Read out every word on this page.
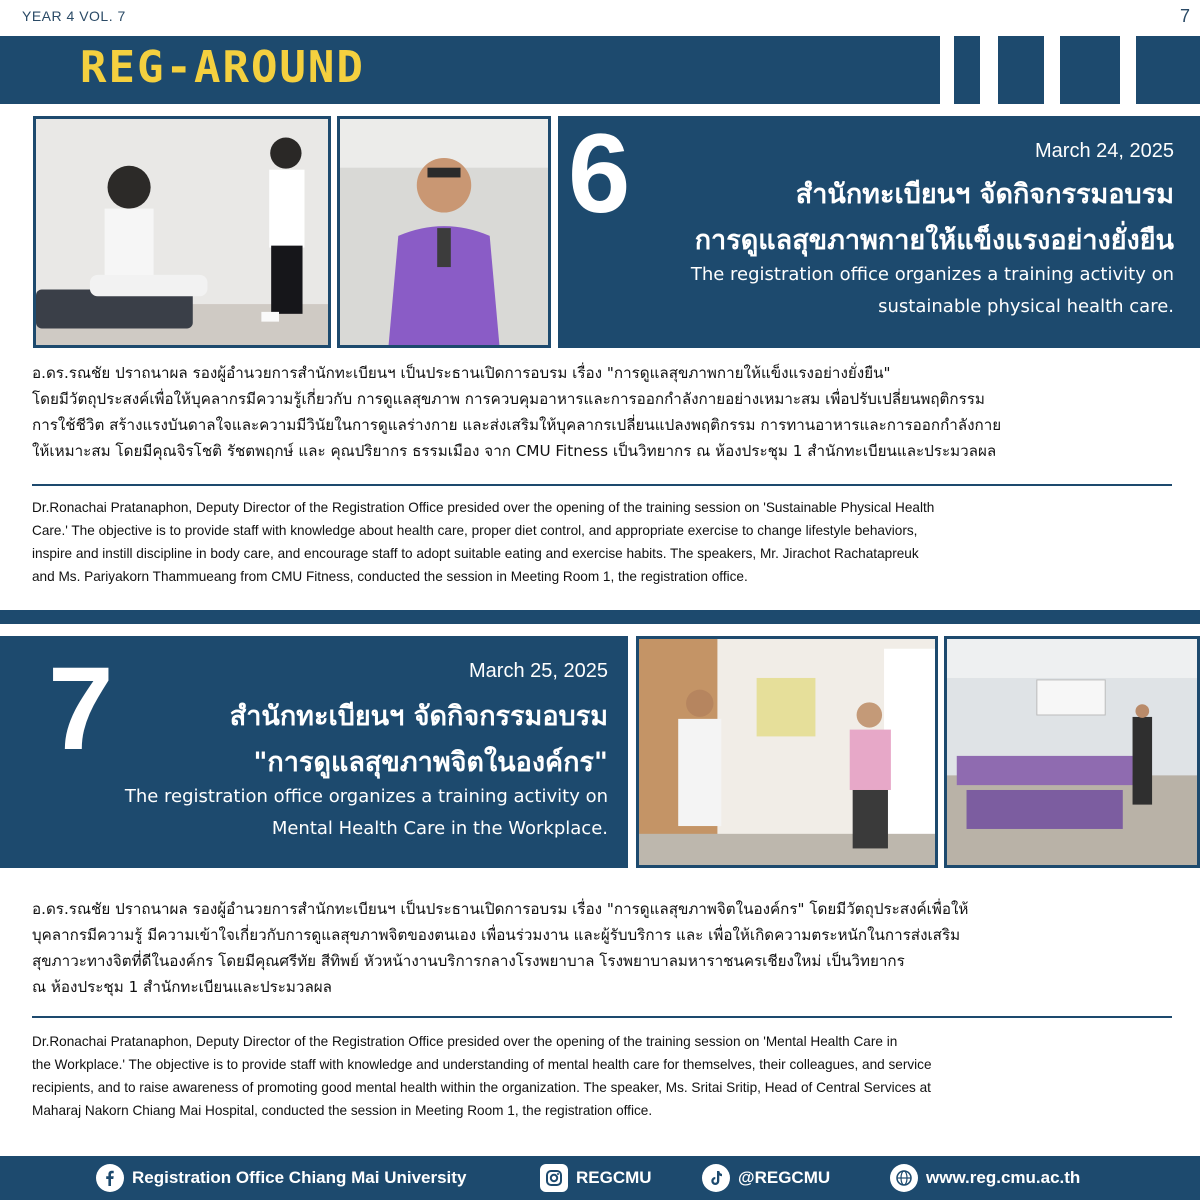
YEAR 4 VOL. 7	7
REG-AROUND
6	March 24, 2025
สำนักทะเบียนฯ จัดกิจกรรมอบรม
การดูแลสุขภาพกายให้แข็งแรงอย่างยั่งยืน
The registration office organizes a training activity on
sustainable physical health care.
อ.ดร.รณชัย ปราถนาผล รองผู้อำนวยการสำนักทะเบียนฯ เป็นประธานเปิดการอบรม เรื่อง "การดูแลสุขภาพกายให้แข็งแรงอย่างยั่งยืน"
โดยมีวัตถุประสงค์เพื่อให้บุคลากรมีความรู้เกี่ยวกับ การดูแลสุขภาพ การควบคุมอาหารและการออกกำลังกายอย่างเหมาะสม เพื่อปรับเปลี่ยนพฤติกรรม
การใช้ชีวิต สร้างแรงบันดาลใจและความมีวินัยในการดูแลร่างกาย และส่งเสริมให้บุคลากรเปลี่ยนแปลงพฤติกรรม การทานอาหารและการออกกำลังกาย
ให้เหมาะสม โดยมีคุณจิรโชติ รัชตพฤกษ์ และ คุณปริยากร ธรรมเมือง จาก CMU Fitness เป็นวิทยากร ณ ห้องประชุม 1 สำนักทะเบียนและประมวลผล
Dr.Ronachai Pratanaphon, Deputy Director of the Registration Office presided over the opening of the training session on 'Sustainable Physical Health
Care.' The objective is to provide staff with knowledge about health care, proper diet control, and appropriate exercise to change lifestyle behaviors,
inspire and instill discipline in body care, and encourage staff to adopt suitable eating and exercise habits. The speakers, Mr. Jirachot Rachatapreuk
and Ms. Pariyakorn Thammueang from CMU Fitness, conducted the session in Meeting Room 1, the registration office.
7	March 25, 2025
สำนักทะเบียนฯ จัดกิจกรรมอบรม
"การดูแลสุขภาพจิตในองค์กร"
The registration office organizes a training activity on
Mental Health Care in the Workplace.
อ.ดร.รณชัย ปราถนาผล รองผู้อำนวยการสำนักทะเบียนฯ เป็นประธานเปิดการอบรม เรื่อง "การดูแลสุขภาพจิตในองค์กร" โดยมีวัตถุประสงค์เพื่อให้
บุคลากรมีความรู้ มีความเข้าใจเกี่ยวกับการดูแลสุขภาพจิตของตนเอง เพื่อนร่วมงาน และผู้รับบริการ และ เพื่อให้เกิดความตระหนักในการส่งเสริม
สุขภาวะทางจิตที่ดีในองค์กร โดยมีคุณศรีทัย สีทิพย์ หัวหน้างานบริการกลางโรงพยาบาล โรงพยาบาลมหาราชนครเชียงใหม่ เป็นวิทยากร
ณ ห้องประชุม 1 สำนักทะเบียนและประมวลผล
Dr.Ronachai Pratanaphon, Deputy Director of the Registration Office presided over the opening of the training session on 'Mental Health Care in
the Workplace.' The objective is to provide staff with knowledge and understanding of mental health care for themselves, their colleagues, and service
recipients, and to raise awareness of promoting good mental health within the organization. The speaker, Ms. Sritai Sritip, Head of Central Services at
Maharaj Nakorn Chiang Mai Hospital, conducted the session in Meeting Room 1, the registration office.
Registration Office Chiang Mai University	REGCMU	@REGCMU	www.reg.cmu.ac.th
